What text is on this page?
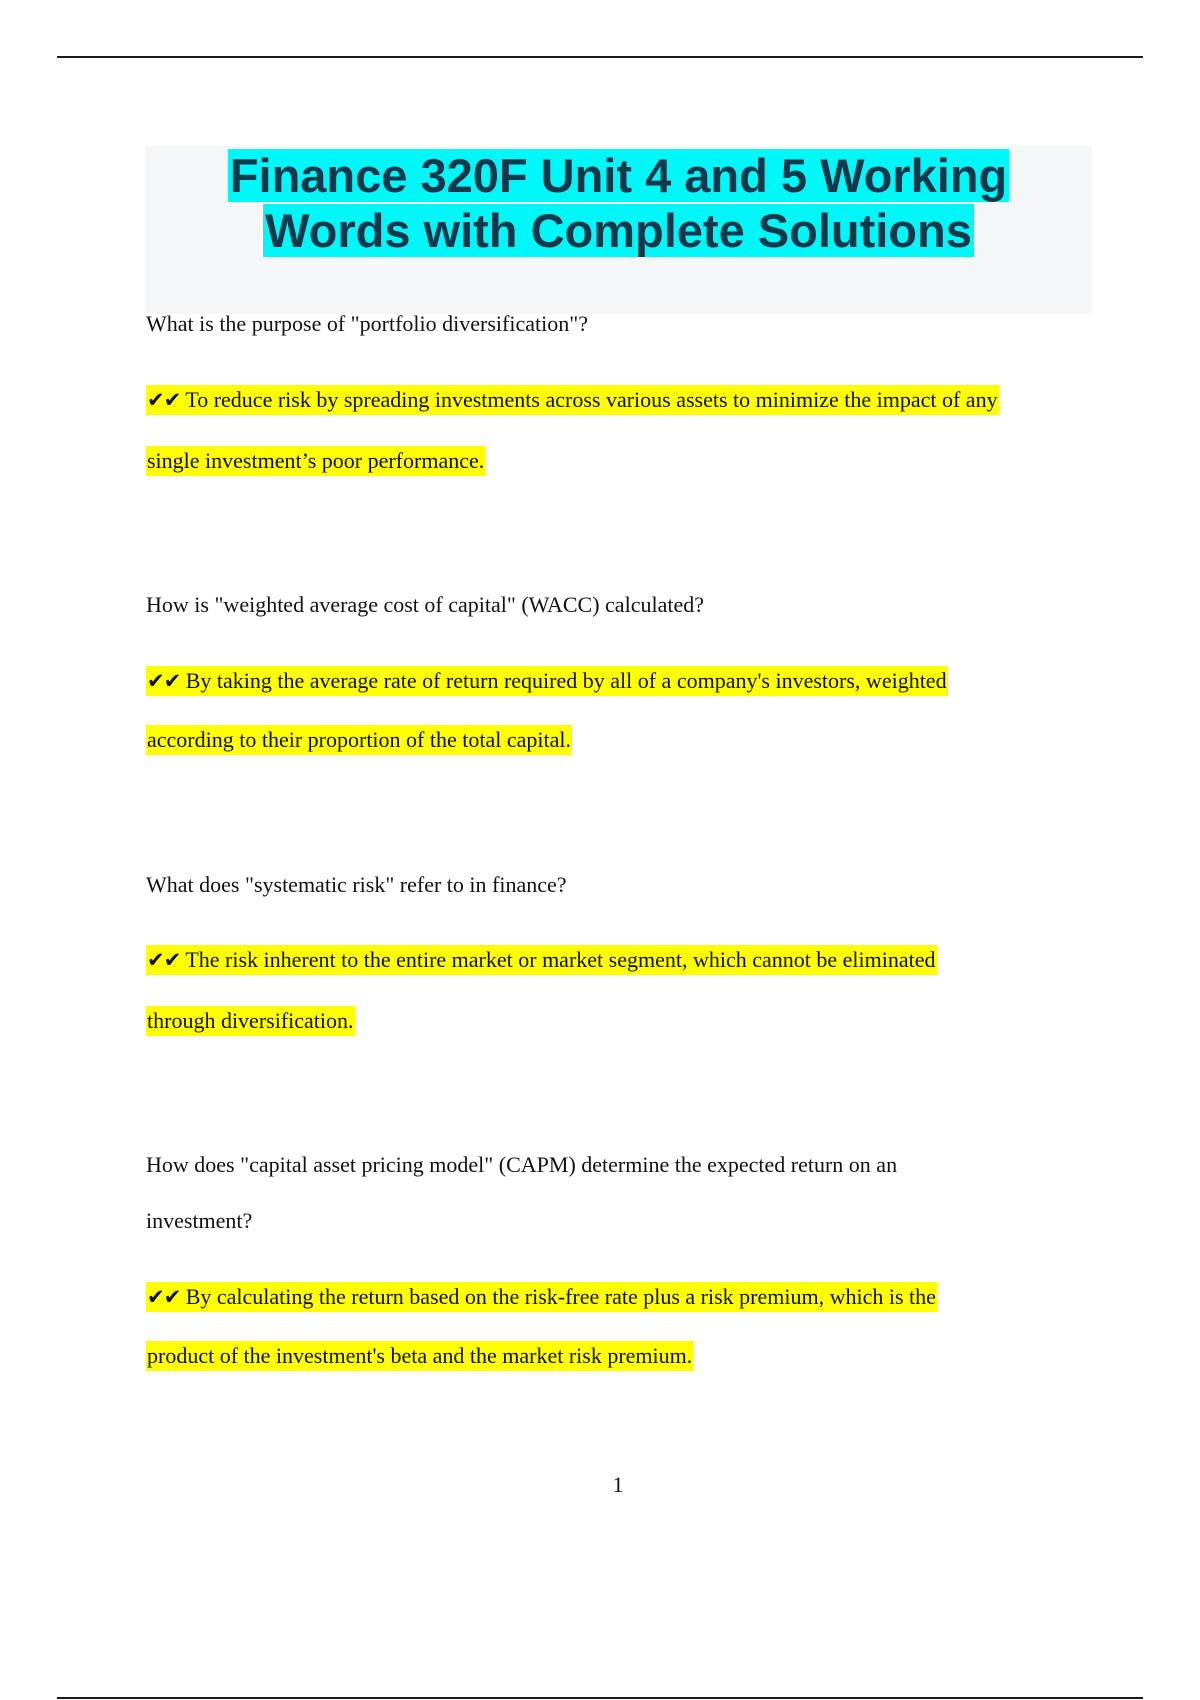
Finance 320F Unit 4 and 5 Working
Words with Complete Solutions
What is the purpose of "portfolio diversification"?
✔✔ To reduce risk by spreading investments across various assets to minimize the impact of any
single investment’s poor performance.
How is "weighted average cost of capital" (WACC) calculated?
✔✔ By taking the average rate of return required by all of a company's investors, weighted
according to their proportion of the total capital.
What does "systematic risk" refer to in finance?
✔✔ The risk inherent to the entire market or market segment, which cannot be eliminated
through diversification.
How does "capital asset pricing model" (CAPM) determine the expected return on an
investment?
✔✔ By calculating the return based on the risk-free rate plus a risk premium, which is the
product of the investment's beta and the market risk premium.
1
